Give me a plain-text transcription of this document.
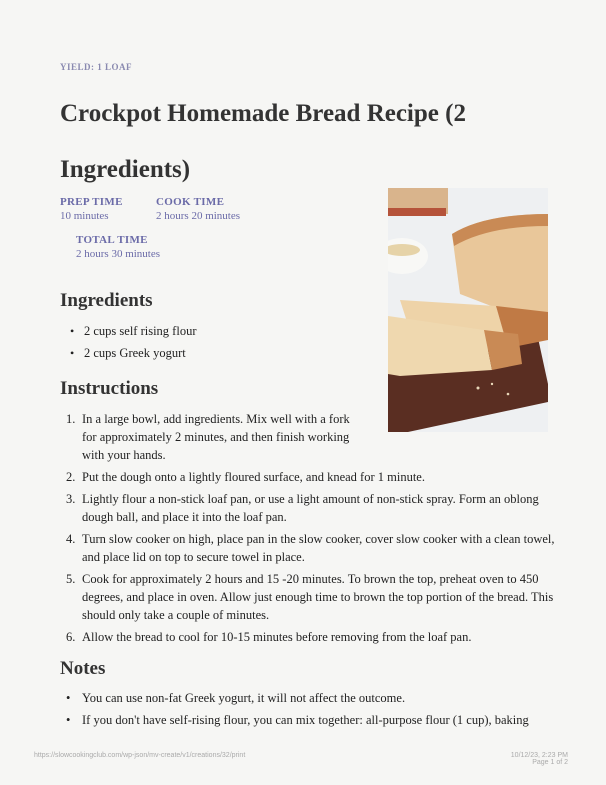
YIELD: 1 LOAF
Crockpot Homemade Bread Recipe (2 Ingredients)
PREP TIME
10 minutes
COOK TIME
2 hours 20 minutes
TOTAL TIME
2 hours 30 minutes
Ingredients
• 2 cups self rising flour
• 2 cups Greek yogurt
Instructions
1. In a large bowl, add ingredients. Mix well with a fork for approximately 2 minutes, and then finish working with your hands.
2. Put the dough onto a lightly floured surface, and knead for 1 minute.
3. Lightly flour a non-stick loaf pan, or use a light amount of non-stick spray. Form an oblong dough ball, and place it into the loaf pan.
4. Turn slow cooker on high, place pan in the slow cooker, cover slow cooker with a clean towel, and place lid on top to secure towel in place.
5. Cook for approximately 2 hours and 15 -20 minutes. To brown the top, preheat oven to 450 degrees, and place in oven. Allow just enough time to brown the top portion of the bread. This should only take a couple of minutes.
6. Allow the bread to cool for 10-15 minutes before removing from the loaf pan.
Notes
• You can use non-fat Greek yogurt, it will not affect the outcome.
• If you don't have self-rising flour, you can mix together: all-purpose flour (1 cup), baking
https://slowcookingclub.com/wp-json/mv-create/v1/creations/32/print	10/12/23, 2:23 PM
Page 1 of 2
